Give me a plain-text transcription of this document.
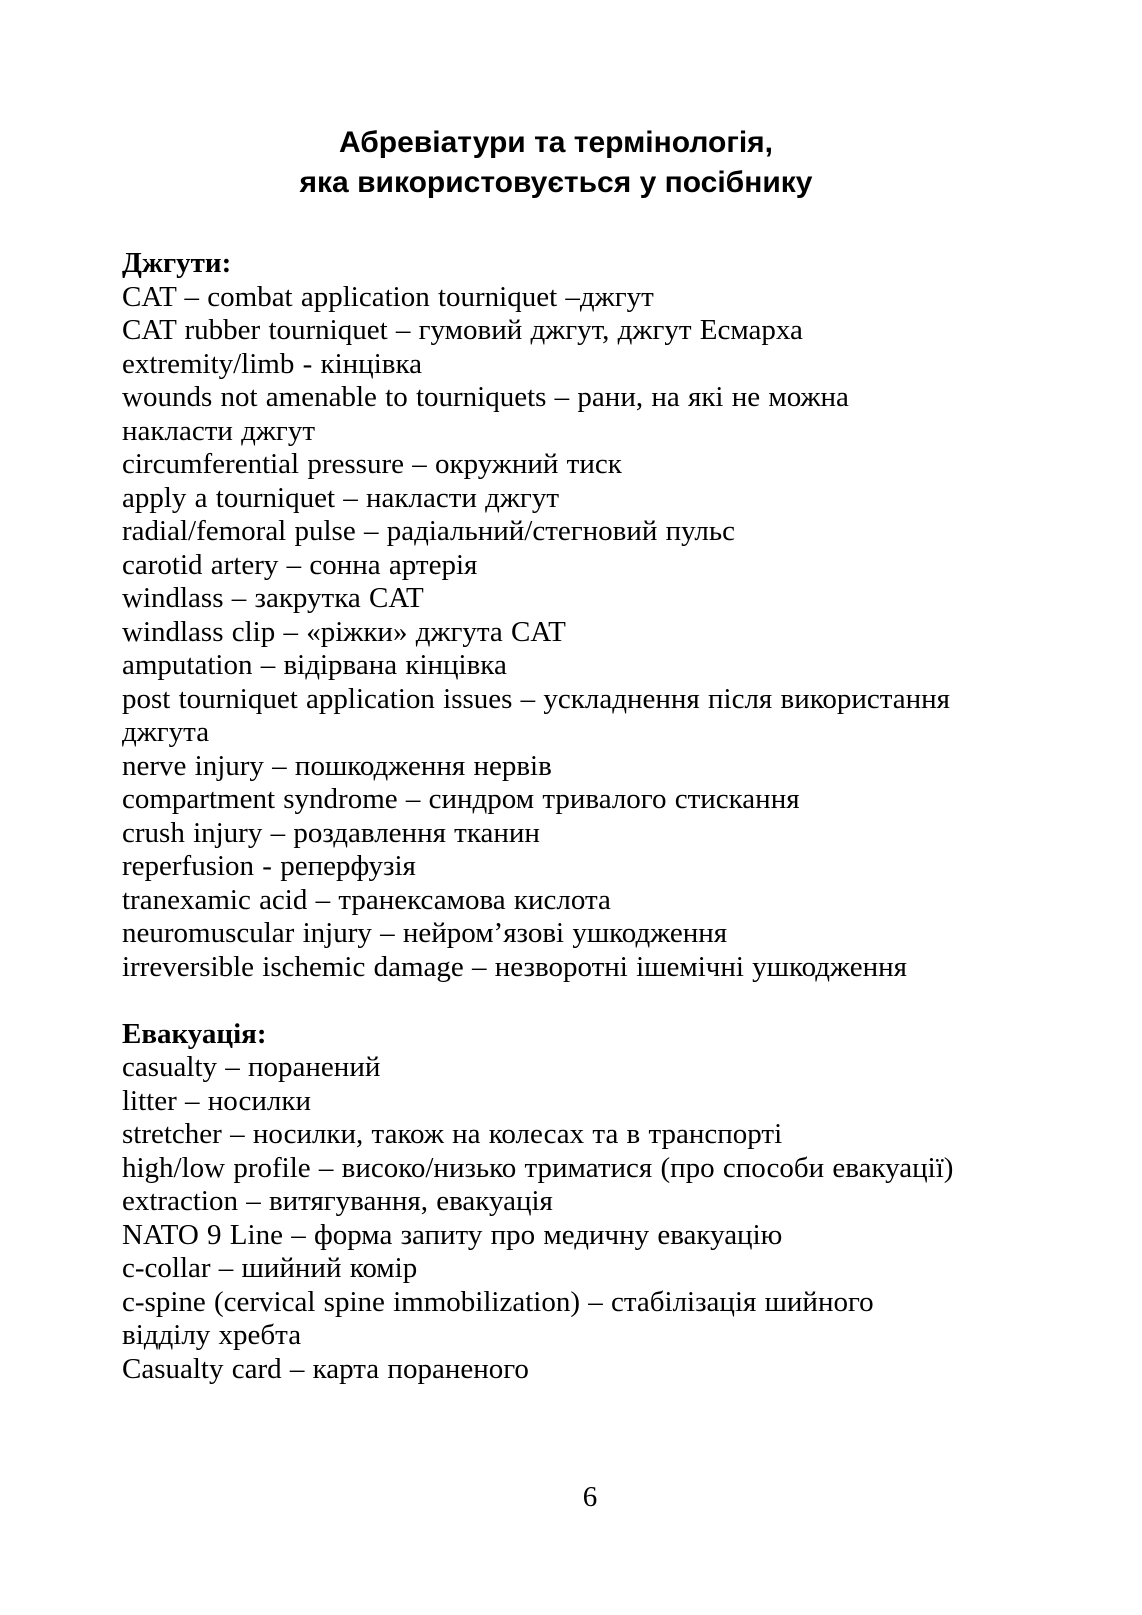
Абревіатури та термінологія,
яка використовується у посібнику
Джгути:

CAT – combat application tourniquet –джгут

CAT rubber tourniquet – гумовий джгут, джгут Есмарха

extremity/limb - кінцівка

wounds not amenable to tourniquets – рани, на які не можна накласти джгут

circumferential pressure – окружний тиск

apply a tourniquet – накласти джгут

radial/femoral pulse – радіальний/стегновий пульс

carotid artery – сонна артерія

windlass – закрутка CAT

windlass clip – «ріжки» джгута CAT

amputation – відірвана кінцівка

post tourniquet application issues – ускладнення після використання джгута

nerve injury – пошкодження нервів

compartment syndrome – синдром тривалого стискання

crush injury – роздавлення тканин

reperfusion - реперфузія

tranexamic acid – транексамова кислота

neuromuscular injury – нейром’язові ушкодження

irreversible ischemic damage – незворотні ішемічні ушкодження

Евакуація:

casualty – поранений

litter – носилки

stretcher – носилки, також на колесах та в транспорті

high/low profile – високо/низько триматися (про способи евакуації)

extraction – витягування, евакуація

NATO 9 Line – форма запиту про медичну евакуацію

c-collar – шийний комір

c-spine (cervical spine immobilization) – стабілізація шийного відділу хребта

Casualty card – карта пораненого

6
